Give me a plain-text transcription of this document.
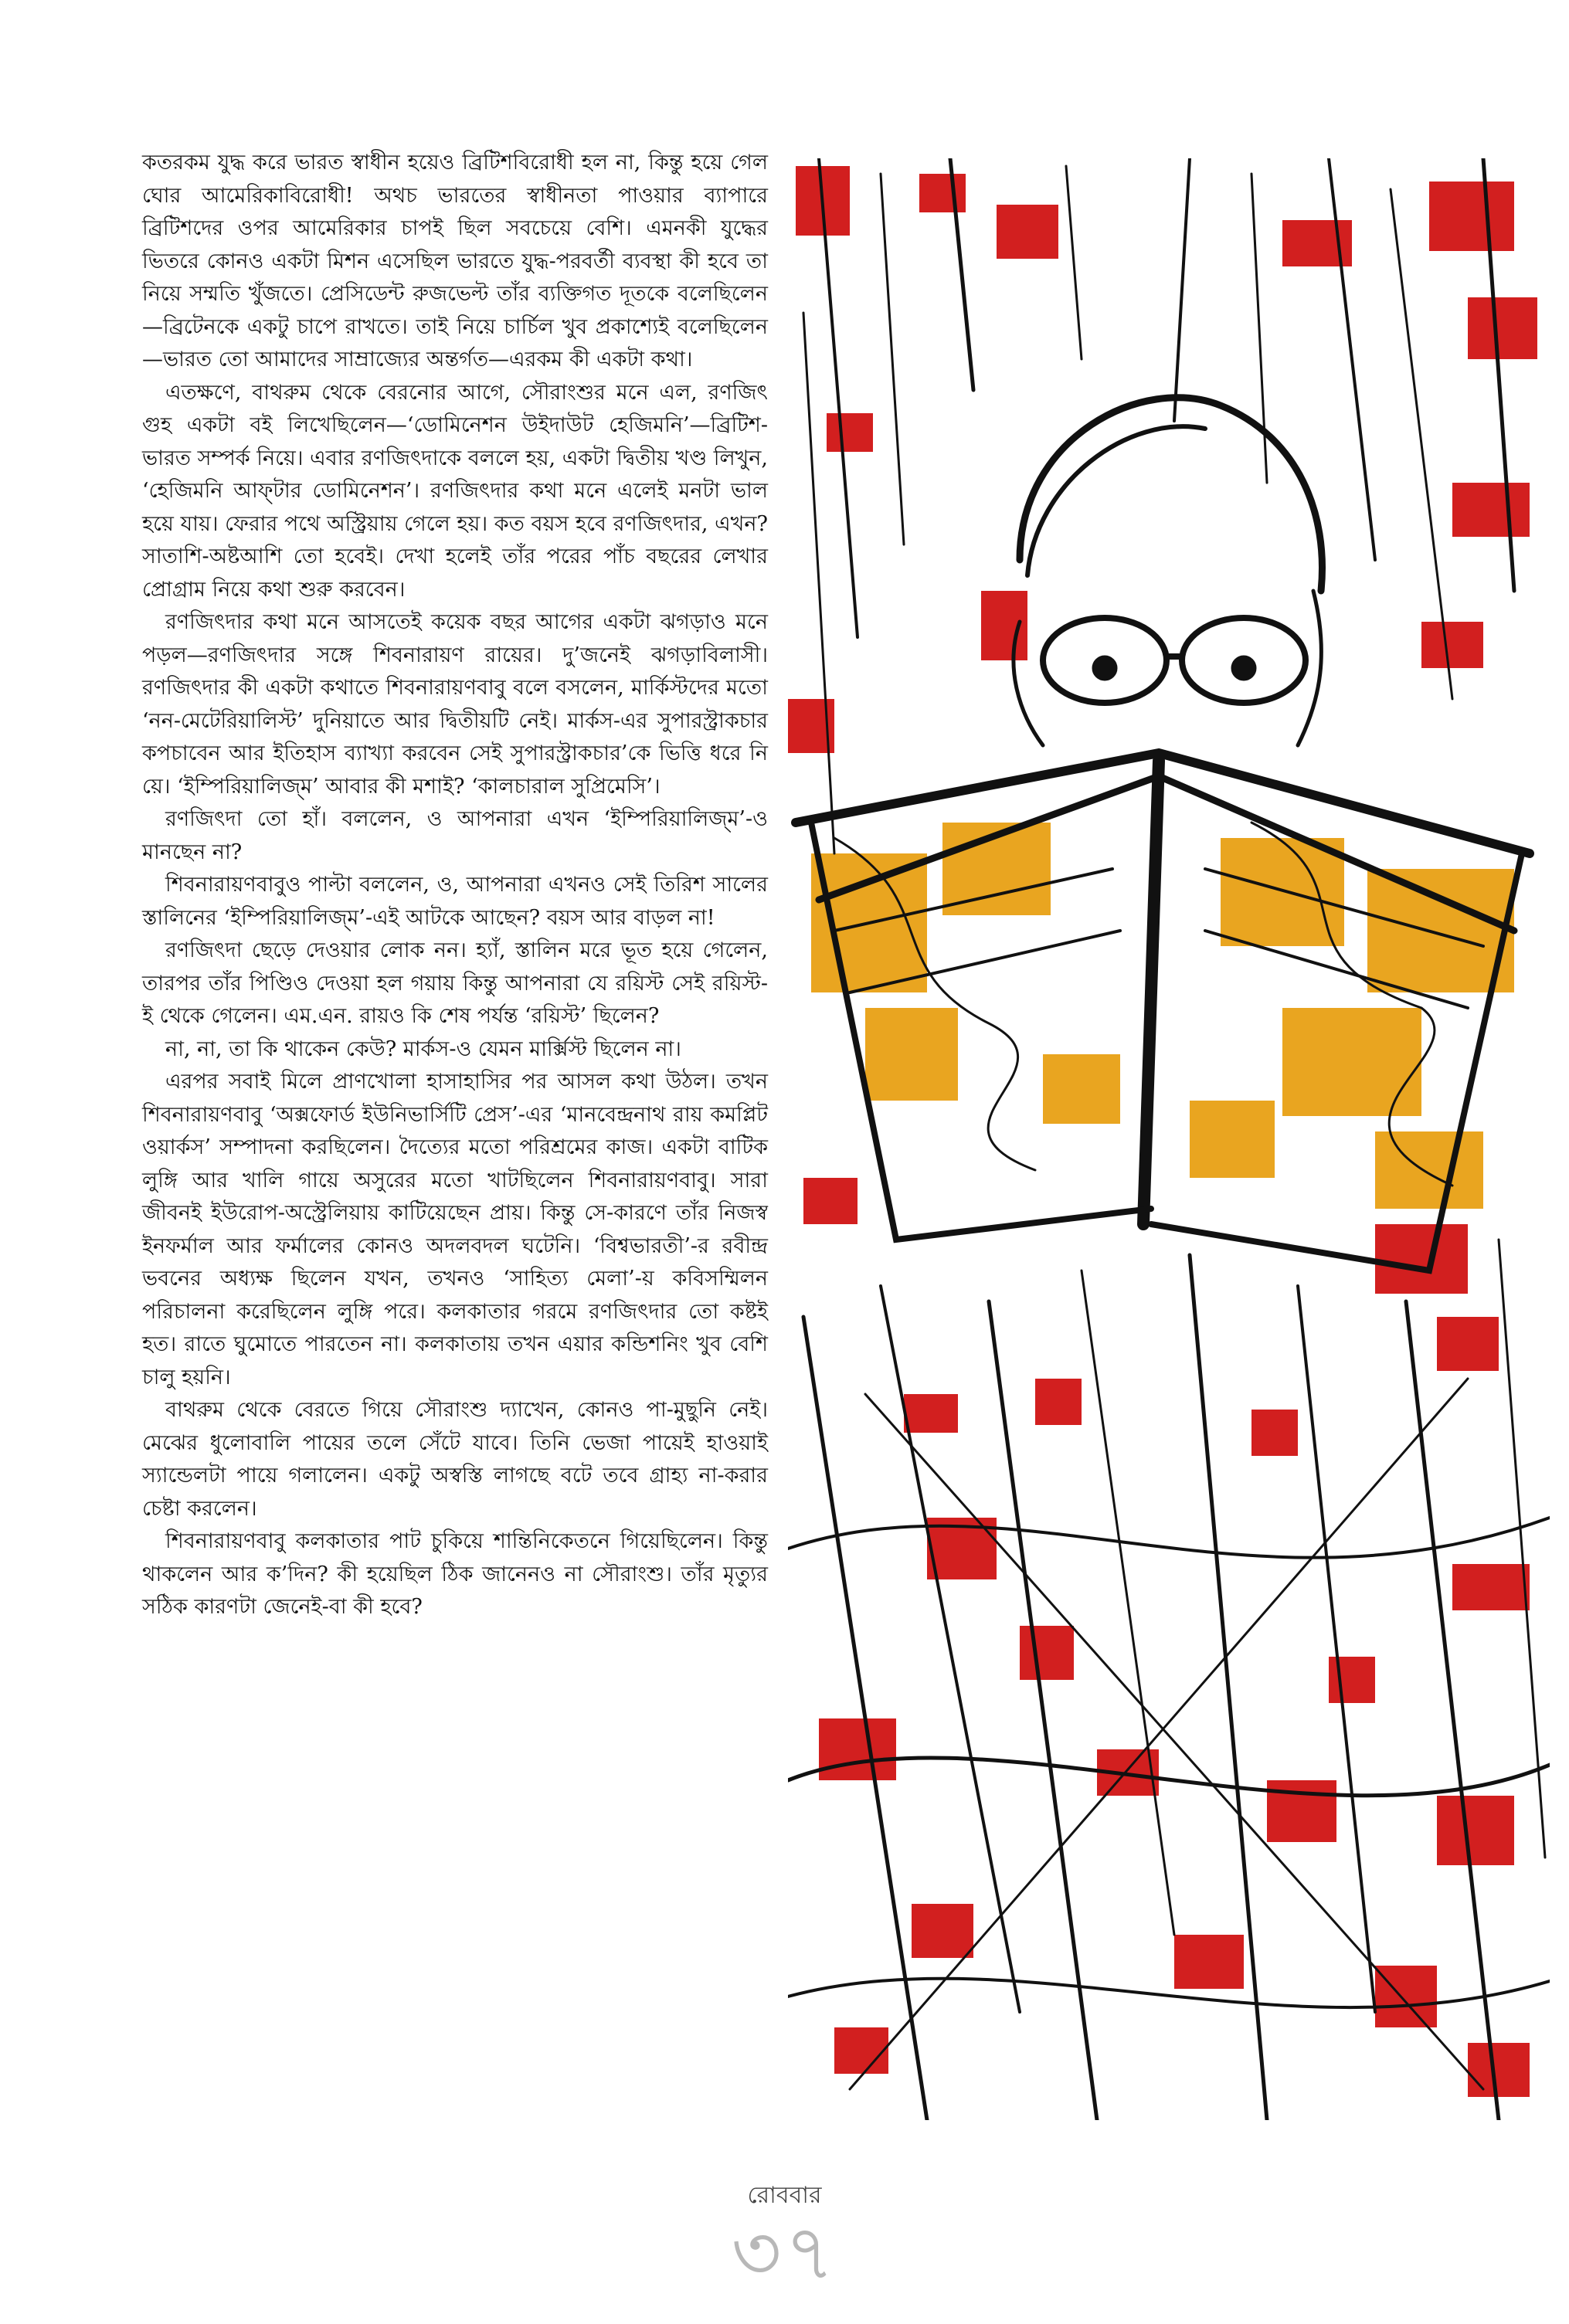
কতরকম যুদ্ধ করে ভারত স্বাধীন হয়েও ব্রিটিশবিরোধী হল না, কিন্তু হয়ে গেল ঘোর আমেরিকাবিরোধী! অথচ ভারতের স্বাধীনতা পাওয়ার ব্যাপারে ব্রিটিশদের ওপর আমেরিকার চাপই ছিল সবচেয়ে বেশি। এমনকী যুদ্ধের ভিতরে কোনও একটা মিশন এসেছিল ভারতে যুদ্ধ-পরবর্তী ব্যবস্থা কী হবে তা নিয়ে সম্মতি খুঁজতে। প্রেসিডেন্ট রুজভেল্ট তাঁর ব্যক্তিগত দূতকে বলেছিলেন—ব্রিটেনকে একটু চাপে রাখতে। তাই নিয়ে চার্চিল খুব প্রকাশ্যেই বলেছিলেন—ভারত তো আমাদের সাম্রাজ্যের অন্তর্গত—এরকম কী একটা কথা।

এতক্ষণে, বাথরুম থেকে বেরনোর আগে, সৌরাংশুর মনে এল, রণজিৎ গুহ একটা বই লিখেছিলেন—‘ডোমিনেশন উইদাউট হেজিমনি’—ব্রিটিশ-ভারত সম্পর্ক নিয়ে। এবার রণজিৎদাকে বললে হয়, একটা দ্বিতীয় খণ্ড লিখুন, ‘হেজিমনি আফ্‌টার ডোমিনেশন’। রণজিৎদার কথা মনে এলেই মনটা ভাল হয়ে যায়। ফেরার পথে অস্ট্রিয়ায় গেলে হয়। কত বয়স হবে রণজিৎদার, এখন? সাতাশি-অষ্টআশি তো হবেই। দেখা হলেই তাঁর পরের পাঁচ বছরের লেখার প্রোগ্রাম নিয়ে কথা শুরু করবেন।

রণজিৎদার কথা মনে আসতেই কয়েক বছর আগের একটা ঝগড়াও মনে পড়ল—রণজিৎদার সঙ্গে শিবনারায়ণ রায়ের। দু’জনেই ঝগড়াবিলাসী। রণজিৎদার কী একটা কথাতে শিবনারায়ণবাবু বলে বসলেন, মার্কিস্টদের মতো ‘নন-মেটেরিয়ালিস্ট’ দুনিয়াতে আর দ্বিতীয়টি নেই। মার্কস-এর সুপারস্ট্রাকচার কপচাবেন আর ইতিহাস ব্যাখ্যা করবেন সেই সুপারস্ট্রাকচার’কে ভিত্তি ধরে নি য়ে। ‘ইম্পিরিয়ালিজ্‌ম’ আবার কী মশাই? ‘কালচারাল সুপ্রিমেসি’।

রণজিৎদা তো হাঁ। বললেন, ও আপনারা এখন ‘ইম্পিরিয়ালিজ্‌ম’-ও মানছেন না?

শিবনারায়ণবাবুও পাল্টা বললেন, ও, আপনারা এখনও সেই তিরিশ সালের স্তালিনের ‘ইম্পিরিয়ালিজ্‌ম’-এই আটকে আছেন? বয়স আর বাড়ল না!

রণজিৎদা ছেড়ে দেওয়ার লোক নন। হ্যাঁ, স্তালিন মরে ভূত হয়ে গেলেন, তারপর তাঁর পিণ্ডিও দেওয়া হল গয়ায় কিন্তু আপনারা যে রয়িস্ট সেই রয়িস্ট-ই থেকে গেলেন। এম.এন. রায়ও কি শেষ পর্যন্ত ‘রয়িস্ট’ ছিলেন?

না, না, তা কি থাকেন কেউ? মার্কস-ও যেমন মার্ক্সিস্ট ছিলেন না।

এরপর সবাই মিলে প্রাণখোলা হাসাহাসির পর আসল কথা উঠল। তখন শিবনারায়ণবাবু ‘অক্সফোর্ড ইউনিভার্সিটি প্রেস’-এর ‘মানবেন্দ্রনাথ রায় কমপ্লিট ওয়ার্কস’ সম্পাদনা করছিলেন। দৈত্যের মতো পরিশ্রমের কাজ। একটা বাটিক লুঙ্গি আর খালি গায়ে অসুরের মতো খাটছিলেন শিবনারায়ণবাবু। সারা জীবনই ইউরোপ-অস্ট্রেলিয়ায় কাটিয়েছেন প্রায়। কিন্তু সে-কারণে তাঁর নিজস্ব ইনফর্মাল আর ফর্মালের কোনও অদলবদল ঘটেনি। ‘বিশ্বভারতী’-র রবীন্দ্র ভবনের অধ্যক্ষ ছিলেন যখন, তখনও ‘সাহিত্য মেলা’-য় কবিসম্মিলন পরিচালনা করেছিলেন লুঙ্গি পরে। কলকাতার গরমে রণজিৎদার তো কষ্টই হত। রাতে ঘুমোতে পারতেন না। কলকাতায় তখন এয়ার কন্ডিশনিং খুব বেশি চালু হয়নি।

বাথরুম থেকে বেরতে গিয়ে সৌরাংশু দ্যাখেন, কোনও পা-মুছুনি নেই। মেঝের ধুলোবালি পায়ের তলে সেঁটে যাবে। তিনি ভেজা পায়েই হাওয়াই স্যান্ডেলটা পায়ে গলালেন। একটু অস্বস্তি লাগছে বটে তবে গ্রাহ্য না-করার চেষ্টা করলেন।

শিবনারায়ণবাবু কলকাতার পাট চুকিয়ে শান্তিনিকেতনে গিয়েছিলেন। কিন্তু থাকলেন আর ক’দিন? কী হয়েছিল ঠিক জানেনও না সৌরাংশু। তাঁর মৃত্যুর সঠিক কারণটা জেনেই-বা কী হবে?

রোববার
৩৭
